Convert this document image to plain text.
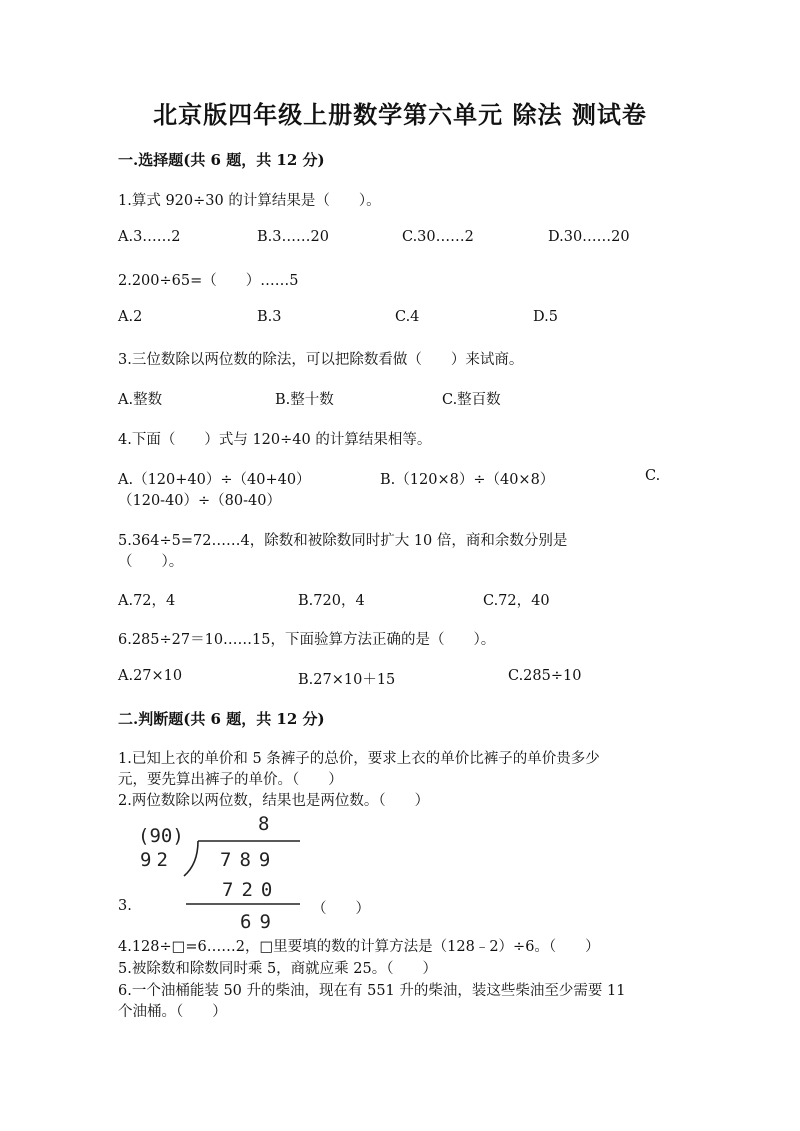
北京版四年级上册数学第六单元 除法 测试卷
一.选择题(共 6 题，共 12 分)
1.算式 920÷30 的计算结果是（　　）。
A.3……2	B.3……20	C.30……2	D.30……20
2.200÷65=（　　）……5
A.2	B.3	C.4	D.5
3.三位数除以两位数的除法，可以把除数看做（　　）来试商。
A.整数	B.整十数	C.整百数
4.下面（　　）式与 120÷40 的计算结果相等。
A.（120+40）÷（40+40）	B.（120×8）÷（40×8）	C.
（120-40）÷（80-40）
5.364÷5=72……4，除数和被除数同时扩大 10 倍，商和余数分别是
（　　）。
A.72，4	B.720，4	C.72，40
6.285÷27＝10……15，下面验算方法正确的是（　　）。
A.27×10	B.27×10＋15	C.285÷10
二.判断题(共 6 题，共 12 分)
1.已知上衣的单价和 5 条裤子的总价，要求上衣的单价比裤子的单价贵多少
元，要先算出裤子的单价。（　　）
2.两位数除以两位数，结果也是两位数。（　　）
(90)
92
8
789
720
69
3.	（　　）
4.128÷□=6……2，□里要填的数的计算方法是（128﹣2）÷6。（　　）
5.被除数和除数同时乘 5，商就应乘 25。（　　）
6.一个油桶能装 50 升的柴油，现在有 551 升的柴油，装这些柴油至少需要 11
个油桶。（　　）
